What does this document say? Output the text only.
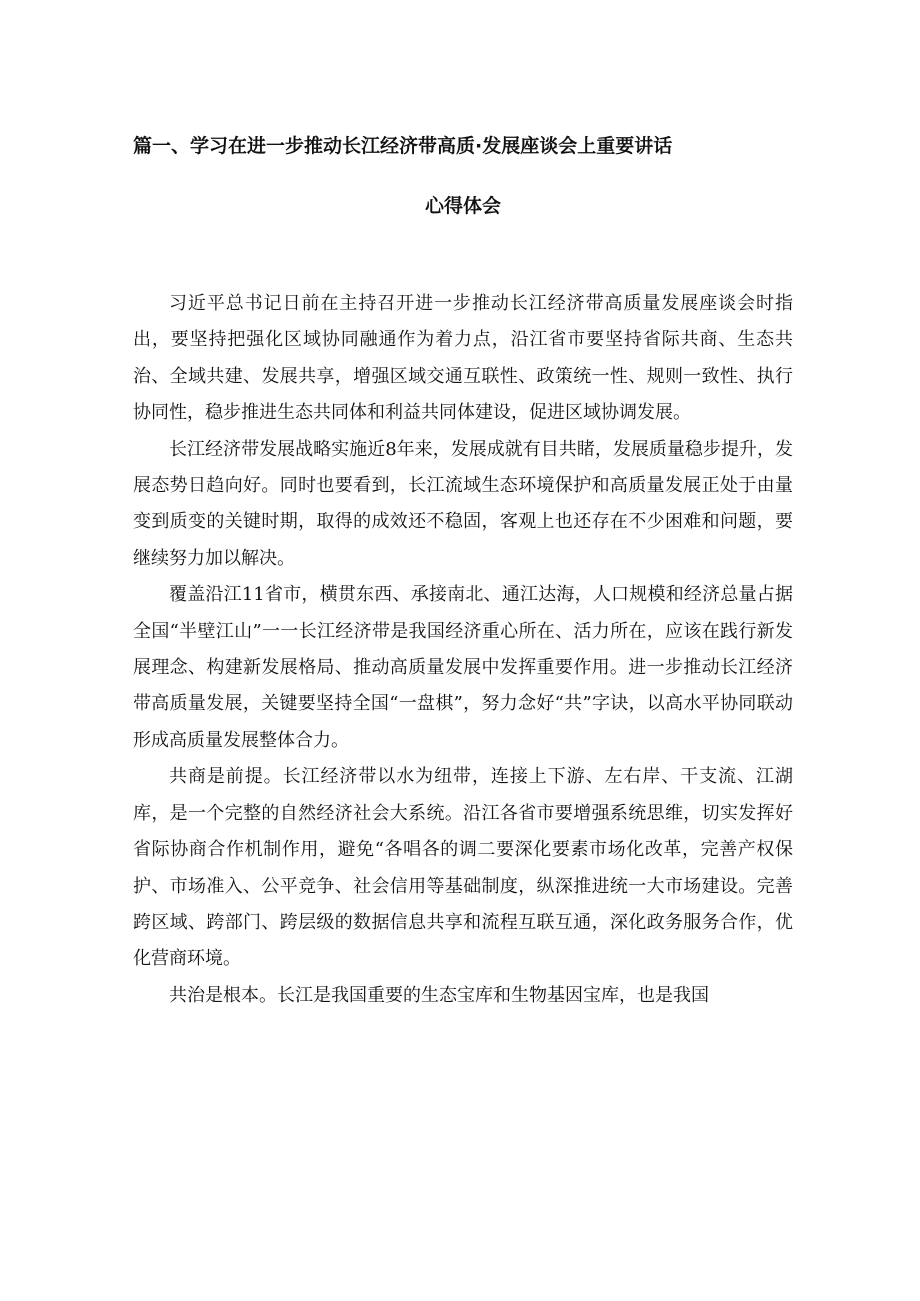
篇一、学习在进一步推动长江经济带高质·发展座谈会上重要讲话
心得体会

习近平总书记日前在主持召开进一步推动长江经济带高质量发展座谈会时指出，要坚持把强化区域协同融通作为着力点，沿江省市要坚持省际共商、生态共治、全域共建、发展共享，增强区域交通互联性、政策统一性、规则一致性、执行协同性，稳步推进生态共同体和利益共同体建设，促进区域协调发展。

长江经济带发展战略实施近8年来，发展成就有目共睹，发展质量稳步提升，发展态势日趋向好。同时也要看到，长江流域生态环境保护和高质量发展正处于由量变到质变的关键时期，取得的成效还不稳固，客观上也还存在不少困难和问题，要继续努力加以解决。

覆盖沿江11省市，横贯东西、承接南北、通江达海，人口规模和经济总量占据全国“半壁江山”一一长江经济带是我国经济重心所在、活力所在，应该在践行新发展理念、构建新发展格局、推动高质量发展中发挥重要作用。进一步推动长江经济带高质量发展，关键要坚持全国“一盘棋”，努力念好“共”字诀，以高水平协同联动形成高质量发展整体合力。

共商是前提。长江经济带以水为纽带，连接上下游、左右岸、干支流、江湖库，是一个完整的自然经济社会大系统。沿江各省市要增强系统思维，切实发挥好省际协商合作机制作用，避免“各唱各的调二要深化要素市场化改革，完善产权保护、市场准入、公平竞争、社会信用等基础制度，纵深推进统一大市场建设。完善跨区域、跨部门、跨层级的数据信息共享和流程互联互通，深化政务服务合作，优化营商环境。

共治是根本。长江是我国重要的生态宝库和生物基因宝库，也是我国
